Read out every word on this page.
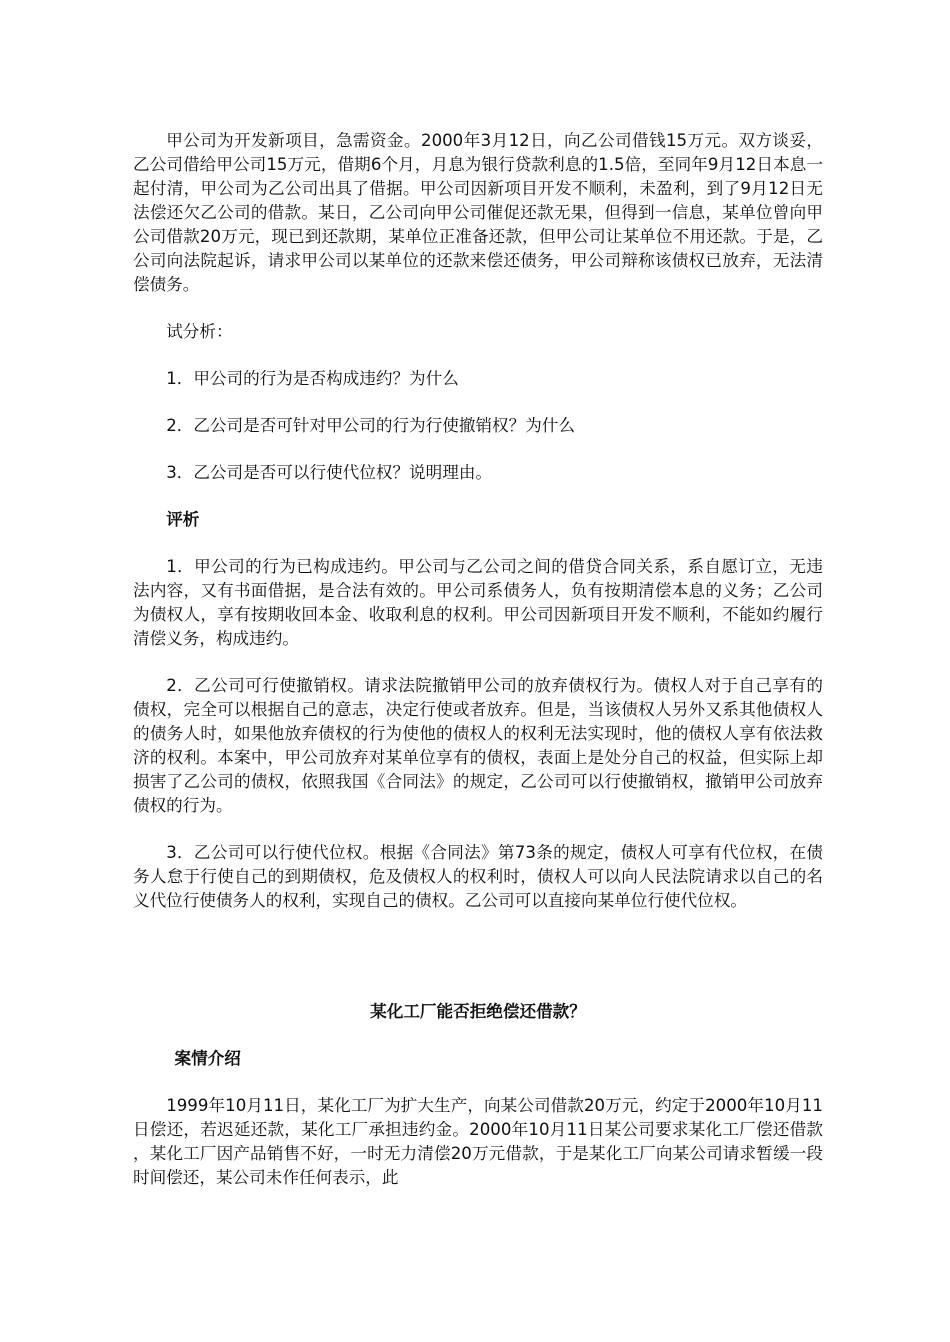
甲公司为开发新项目，急需资金。2000年3月12日，向乙公司借钱15万元。双方谈妥，乙公司借给甲公司15万元，借期6个月，月息为银行贷款利息的1.5倍，至同年9月12日本息一起付清，甲公司为乙公司出具了借据。甲公司因新项目开发不顺利，未盈利，到了9月12日无法偿还欠乙公司的借款。某日，乙公司向甲公司催促还款无果，但得到一信息，某单位曾向甲公司借款20万元，现已到还款期，某单位正准备还款，但甲公司让某单位不用还款。于是，乙公司向法院起诉，请求甲公司以某单位的还款来偿还债务，甲公司辩称该债权已放弃，无法清偿债务。

试分析：

1．甲公司的行为是否构成违约？为什么

2．乙公司是否可针对甲公司的行为行使撤销权？为什么

3．乙公司是否可以行使代位权？说明理由。

评析

1．甲公司的行为已构成违约。甲公司与乙公司之间的借贷合同关系，系自愿订立，无违法内容，又有书面借据，是合法有效的。甲公司系债务人，负有按期清偿本息的义务；乙公司为债权人，享有按期收回本金、收取利息的权利。甲公司因新项目开发不顺利，不能如约履行清偿义务，构成违约。

2．乙公司可行使撤销权。请求法院撤销甲公司的放弃债权行为。债权人对于自己享有的债权，完全可以根据自己的意志，决定行使或者放弃。但是，当该债权人另外又系其他债权人的债务人时，如果他放弃债权的行为使他的债权人的权利无法实现时，他的债权人享有依法救济的权利。本案中，甲公司放弃对某单位享有的债权，表面上是处分自己的权益，但实际上却损害了乙公司的债权，依照我国《合同法》的规定，乙公司可以行使撤销权，撤销甲公司放弃债权的行为。

3．乙公司可以行使代位权。根据《合同法》第73条的规定，债权人可享有代位权，在债务人怠于行使自己的到期债权，危及债权人的权利时，债权人可以向人民法院请求以自己的名义代位行使债务人的权利，实现自己的债权。乙公司可以直接向某单位行使代位权。

某化工厂能否拒绝偿还借款？

案情介绍

1999年10月11日，某化工厂为扩大生产，向某公司借款20万元，约定于2000年10月11日偿还，若迟延还款，某化工厂承担违约金。2000年10月11日某公司要求某化工厂偿还借款，某化工厂因产品销售不好，一时无力清偿20万元借款，于是某化工厂向某公司请求暂缓一段时间偿还，某公司未作任何表示，此
